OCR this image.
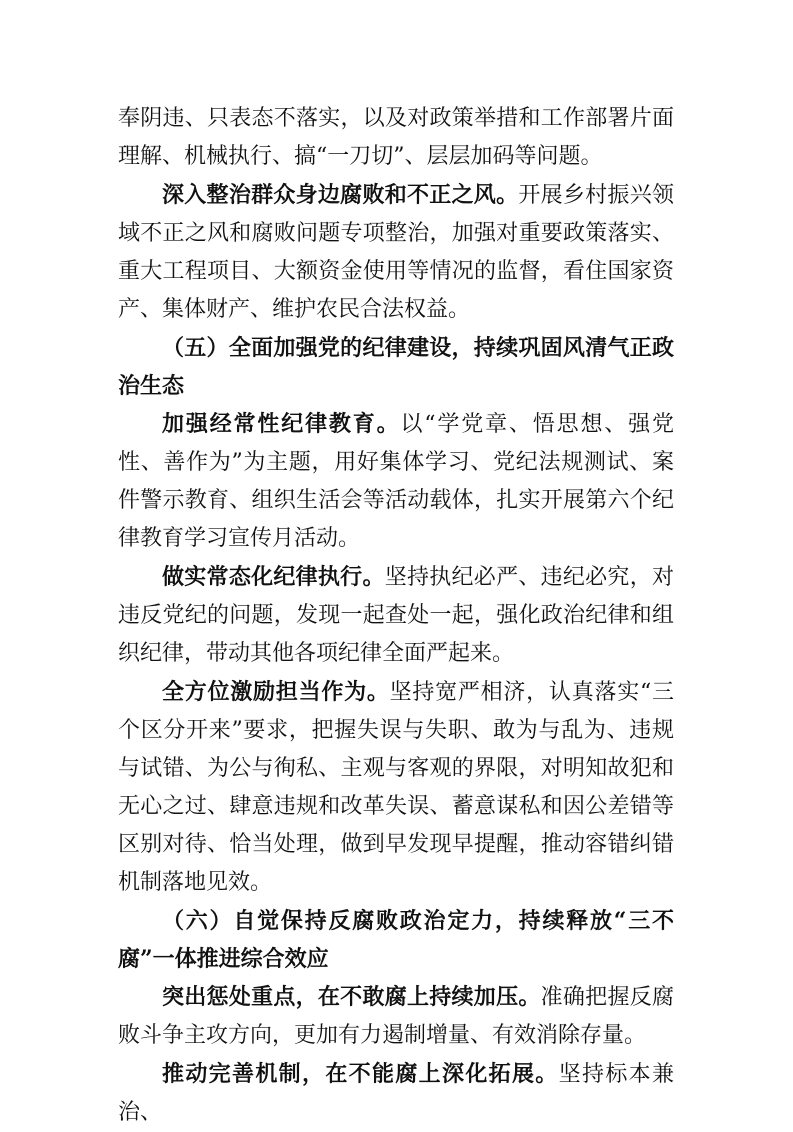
奉阴违、只表态不落实，以及对政策举措和工作部署片面理解、机械执行、搞“一刀切”、层层加码等问题。

深入整治群众身边腐败和不正之风。开展乡村振兴领域不正之风和腐败问题专项整治，加强对重要政策落实、重大工程项目、大额资金使用等情况的监督，看住国家资产、集体财产、维护农民合法权益。

（五）全面加强党的纪律建设，持续巩固风清气正政治生态

加强经常性纪律教育。以“学党章、悟思想、强党性、善作为”为主题，用好集体学习、党纪法规测试、案件警示教育、组织生活会等活动载体，扎实开展第六个纪律教育学习宣传月活动。

做实常态化纪律执行。坚持执纪必严、违纪必究，对违反党纪的问题，发现一起查处一起，强化政治纪律和组织纪律，带动其他各项纪律全面严起来。

全方位激励担当作为。坚持宽严相济，认真落实“三个区分开来”要求，把握失误与失职、敢为与乱为、违规与试错、为公与徇私、主观与客观的界限，对明知故犯和无心之过、肆意违规和改革失误、蓄意谋私和因公差错等区别对待、恰当处理，做到早发现早提醒，推动容错纠错机制落地见效。

（六）自觉保持反腐败政治定力，持续释放“三不腐”一体推进综合效应

突出惩处重点，在不敢腐上持续加压。准确把握反腐败斗争主攻方向，更加有力遏制增量、有效消除存量。

推动完善机制，在不能腐上深化拓展。坚持标本兼治、
